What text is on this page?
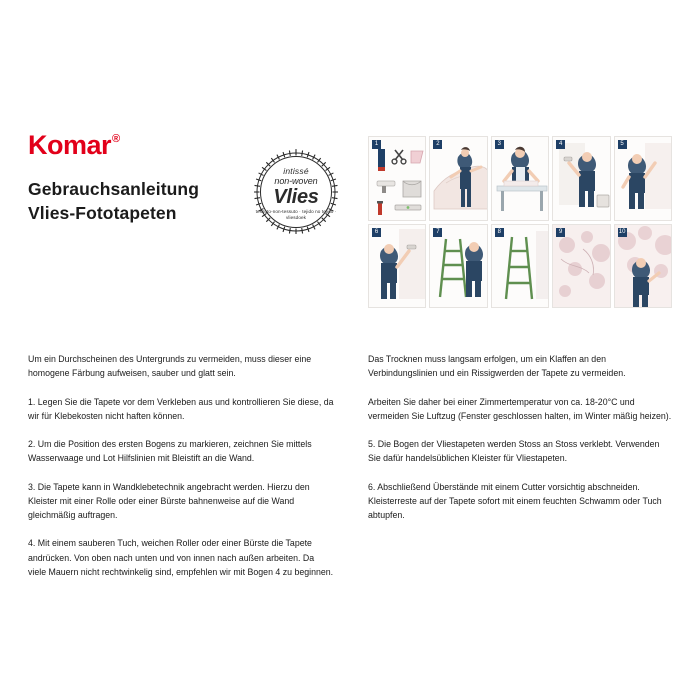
Komar®
Gebrauchsanleitung
Vlies-Fototapeten
intissé
non-woven
Vlies
tessuto-non-tessuto · tejido no tejido · vliesdoek
1	2	3	4	5
6	7	8	9	10

Um ein Durchscheinen des Untergrunds zu vermeiden, muss dieser eine homogene Färbung aufweisen, sauber und glatt sein.

1. Legen Sie die Tapete vor dem Verkleben aus und kontrollieren Sie diese, da wir für Klebekosten nicht haften können.

2. Um die Position des ersten Bogens zu markieren, zeichnen Sie mittels Wasserwaage und Lot Hilfslinien mit Bleistift an die Wand.

3. Die Tapete kann in Wandklebetechnik angebracht werden. Hierzu den Kleister mit einer Rolle oder einer Bürste bahnenweise auf die Wand gleichmäßig auftragen.

4. Mit einem sauberen Tuch, weichen Roller oder einer Bürste die Tapete andrücken. Von oben nach unten und von innen nach außen arbeiten. Da viele Mauern nicht rechtwinkelig sind, empfehlen wir mit Bogen 4 zu beginnen.

Das Trocknen muss langsam erfolgen, um ein Klaffen an den Verbindungslinien und ein Rissigwerden der Tapete zu vermeiden.

Arbeiten Sie daher bei einer Zimmertemperatur von ca. 18-20°C und vermeiden Sie Luftzug (Fenster geschlossen halten, im Winter mäßig heizen).

5. Die Bogen der Vliestapeten werden Stoss an Stoss verklebt. Verwenden Sie dafür handelsüblichen Kleister für Vliestapeten.

6. Abschließend Überstände mit einem Cutter vorsichtig abschneiden. Kleisterreste auf der Tapete sofort mit einem feuchten Schwamm oder Tuch abtupfen.
